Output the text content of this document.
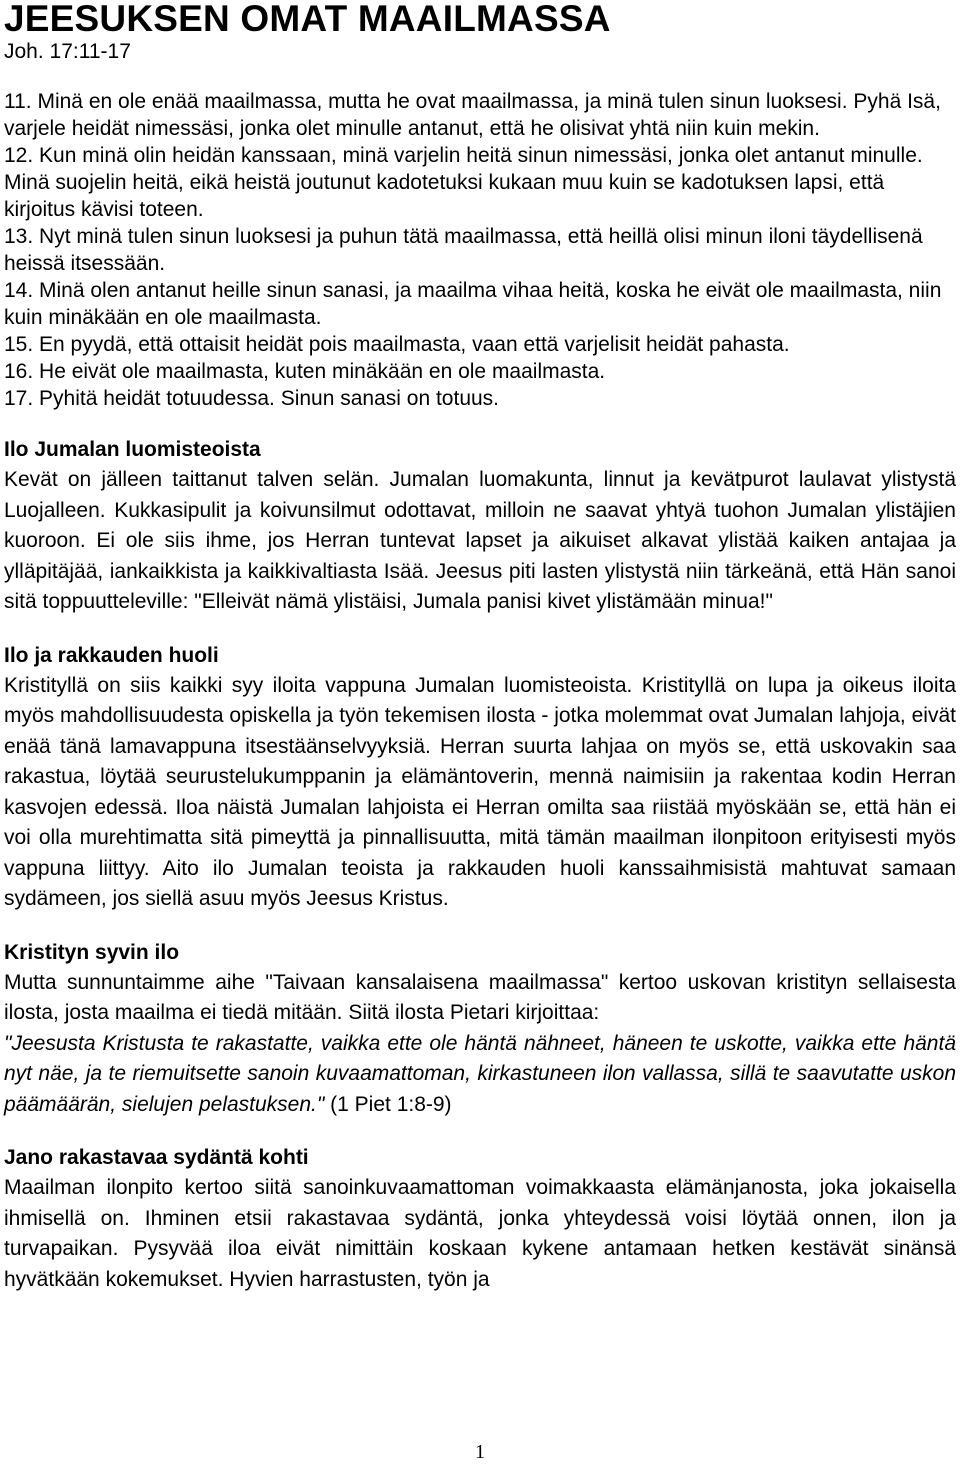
JEESUKSEN OMAT MAAILMASSA

Joh. 17:11-17

11. Minä en ole enää maailmassa, mutta he ovat maailmassa, ja minä tulen sinun luoksesi. Pyhä Isä, varjele heidät nimessäsi, jonka olet minulle antanut, että he olisivat yhtä niin kuin mekin.

12. Kun minä olin heidän kanssaan, minä varjelin heitä sinun nimessäsi, jonka olet antanut minulle. Minä suojelin heitä, eikä heistä joutunut kadotetuksi kukaan muu kuin se kadotuksen lapsi, että kirjoitus kävisi toteen.

13. Nyt minä tulen sinun luoksesi ja puhun tätä maailmassa, että heillä olisi minun iloni täydellisenä heissä itsessään.

14. Minä olen antanut heille sinun sanasi, ja maailma vihaa heitä, koska he eivät ole maailmasta, niin kuin minäkään en ole maailmasta.

15. En pyydä, että ottaisit heidät pois maailmasta, vaan että varjelisit heidät pahasta.

16. He eivät ole maailmasta, kuten minäkään en ole maailmasta.

17. Pyhitä heidät totuudessa. Sinun sanasi on totuus.

Ilo Jumalan luomisteoista

Kevät on jälleen taittanut talven selän. Jumalan luomakunta, linnut ja kevätpurot laulavat ylistystä Luojalleen. Kukkasipulit ja koivunsilmut odottavat, milloin ne saavat yhtyä tuohon Jumalan ylistäjien kuoroon. Ei ole siis ihme, jos Herran tuntevat lapset ja aikuiset alkavat ylistää kaiken antajaa ja ylläpitäjää, iankaikkista ja kaikkivaltiasta Isää. Jeesus piti lasten ylistystä niin tärkeänä, että Hän sanoi sitä toppuutteleville: "Elleivät nämä ylistäisi, Jumala panisi kivet ylistämään minua!"

Ilo ja rakkauden huoli

Kristityllä on siis kaikki syy iloita vappuna Jumalan luomisteoista. Kristityllä on lupa ja oikeus iloita myös mahdollisuudesta opiskella ja työn tekemisen ilosta - jotka molemmat ovat Jumalan lahjoja, eivät enää tänä lamavappuna itsestäänselvyyksiä. Herran suurta lahjaa on myös se, että uskovakin saa rakastua, löytää seurustelukumppanin ja elämäntoverin, mennä naimisiin ja rakentaa kodin Herran kasvojen edessä. Iloa näistä Jumalan lahjoista ei Herran omilta saa riistää myöskään se, että hän ei voi olla murehtimatta sitä pimeyttä ja pinnallisuutta, mitä tämän maailman ilonpitoon erityisesti myös vappuna liittyy. Aito ilo Jumalan teoista ja rakkauden huoli kanssaihmisistä mahtuvat samaan sydämeen, jos siellä asuu myös Jeesus Kristus.

Kristityn syvin ilo

Mutta sunnuntaimme aihe "Taivaan kansalaisena maailmassa" kertoo uskovan kristityn sellaisesta ilosta, josta maailma ei tiedä mitään. Siitä ilosta Pietari kirjoittaa:
"Jeesusta Kristusta te rakastatte, vaikka ette ole häntä nähneet, häneen te uskotte, vaikka ette häntä nyt näe, ja te riemuitsette sanoin kuvaamattoman, kirkastuneen ilon vallassa, sillä te saavutatte uskon päämäärän, sielujen pelastuksen." (1 Piet 1:8-9)

Jano rakastavaa sydäntä kohti

Maailman ilonpito kertoo siitä sanoinkuvaamattoman voimakkaasta elämänjanosta, joka jokaisella ihmisellä on. Ihminen etsii rakastavaa sydäntä, jonka yhteydessä voisi löytää onnen, ilon ja turvapaikan. Pysyvää iloa eivät nimittäin koskaan kykene antamaan hetken kestävät sinänsä hyvätkään kokemukset. Hyvien harrastusten, työn ja

1
